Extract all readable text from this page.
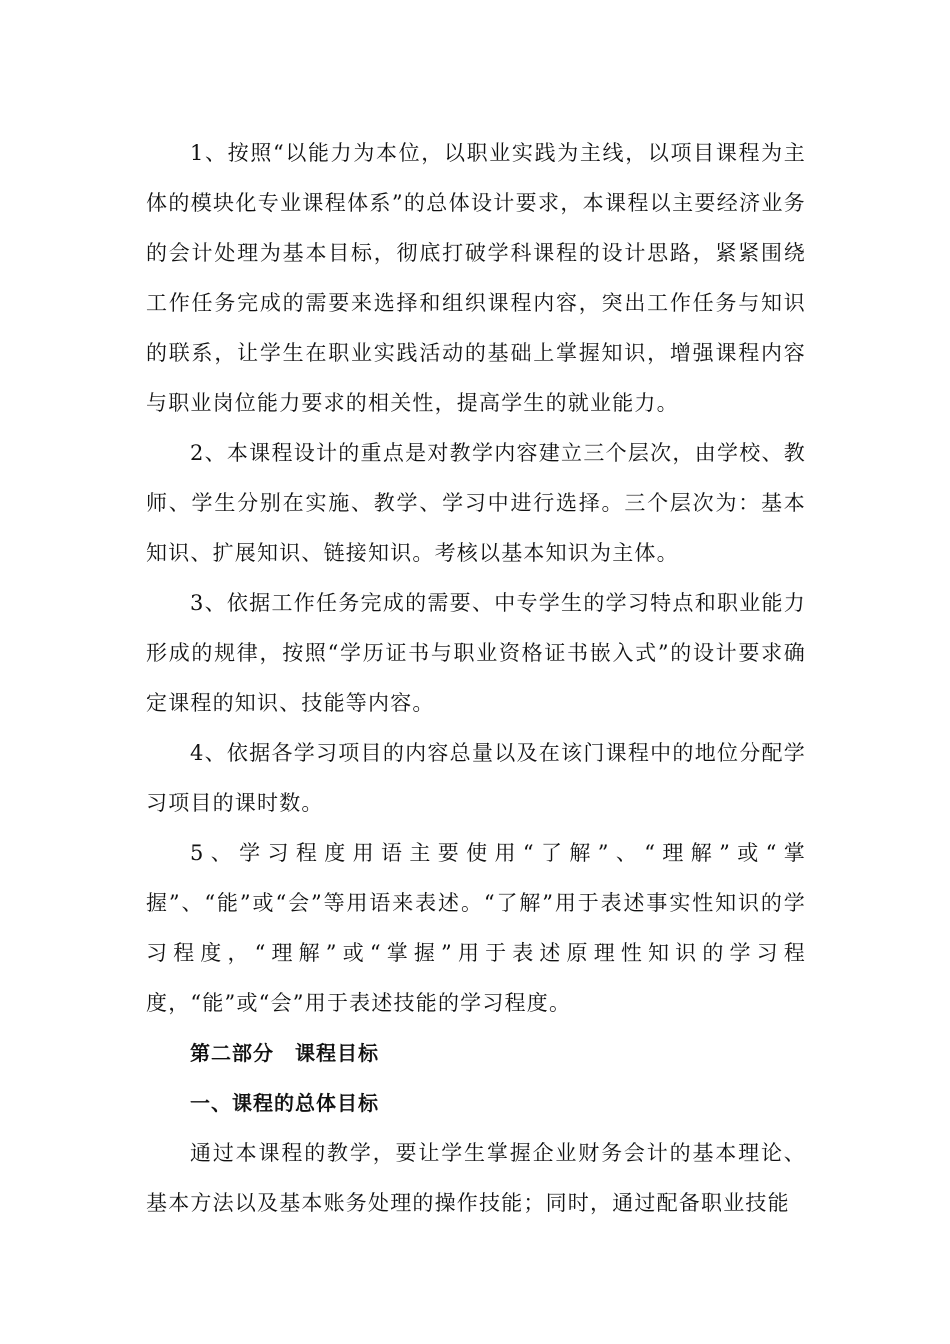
1、按照“以能力为本位，以职业实践为主线，以项目课程为主体的模块化专业课程体系”的总体设计要求，本课程以主要经济业务的会计处理为基本目标，彻底打破学科课程的设计思路，紧紧围绕工作任务完成的需要来选择和组织课程内容，突出工作任务与知识的联系，让学生在职业实践活动的基础上掌握知识，增强课程内容与职业岗位能力要求的相关性，提高学生的就业能力。

2、本课程设计的重点是对教学内容建立三个层次，由学校、教师、学生分别在实施、教学、学习中进行选择。三个层次为：基本知识、扩展知识、链接知识。考核以基本知识为主体。

3、依据工作任务完成的需要、中专学生的学习特点和职业能力形成的规律，按照“学历证书与职业资格证书嵌入式”的设计要求确定课程的知识、技能等内容。

4、依据各学习项目的内容总量以及在该门课程中的地位分配学习项目的课时数。

5、学习程度用语主要使用“了解”、“理解”或“掌握”、“能”或“会”等用语来表述。“了解”用于表述事实性知识的学习程度，“理解”或“掌握”用于表述原理性知识的学习程度，“能”或“会”用于表述技能的学习程度。

第二部分　课程目标

一、课程的总体目标

通过本课程的教学，要让学生掌握企业财务会计的基本理论、基本方法以及基本账务处理的操作技能；同时，通过配备职业技能
